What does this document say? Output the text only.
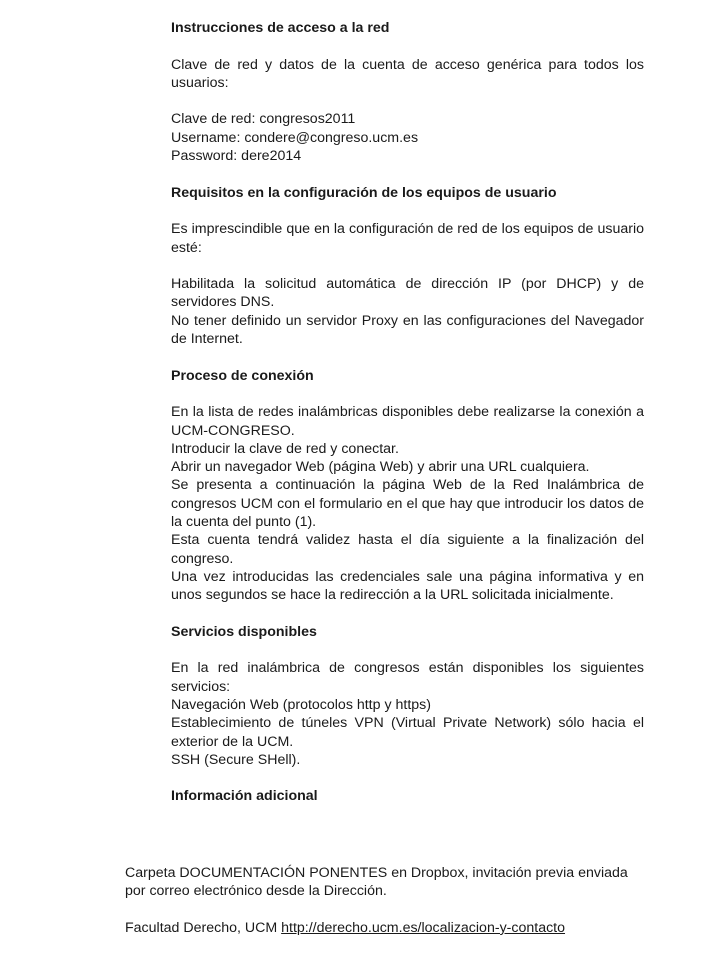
Instrucciones de acceso a la red

Clave de red y datos de la cuenta de acceso genérica para todos los usuarios:

Clave de red: congresos2011

Username: condere@congreso.ucm.es

Password: dere2014

Requisitos en la configuración de los equipos de usuario

Es imprescindible que en la configuración de red de los equipos de usuario esté:

Habilitada la solicitud automática de dirección IP (por DHCP) y de servidores DNS.

No tener definido un servidor Proxy en las configuraciones del Navegador de Internet.

Proceso de conexión

En la lista de redes inalámbricas disponibles debe realizarse la conexión a UCM-CONGRESO.

Introducir la clave de red y conectar.

Abrir un navegador Web (página Web) y abrir una URL cualquiera.

Se presenta a continuación la página Web de la Red Inalámbrica de congresos UCM con el formulario en el que hay que introducir los datos de la cuenta del punto (1).

Esta cuenta tendrá validez hasta el día siguiente a la finalización del congreso.

Una vez introducidas las credenciales sale una página informativa y en unos segundos se hace la redirección a la URL solicitada inicialmente.

Servicios disponibles

En la red inalámbrica de congresos están disponibles los siguientes servicios:

Navegación Web (protocolos http y https)

Establecimiento de túneles VPN (Virtual Private Network) sólo hacia el exterior de la UCM.

SSH (Secure SHell).

Información adicional

Carpeta DOCUMENTACIÓN PONENTES en Dropbox, invitación previa enviada por correo electrónico desde la Dirección.

Facultad Derecho, UCM http://derecho.ucm.es/localizacion-y-contacto
